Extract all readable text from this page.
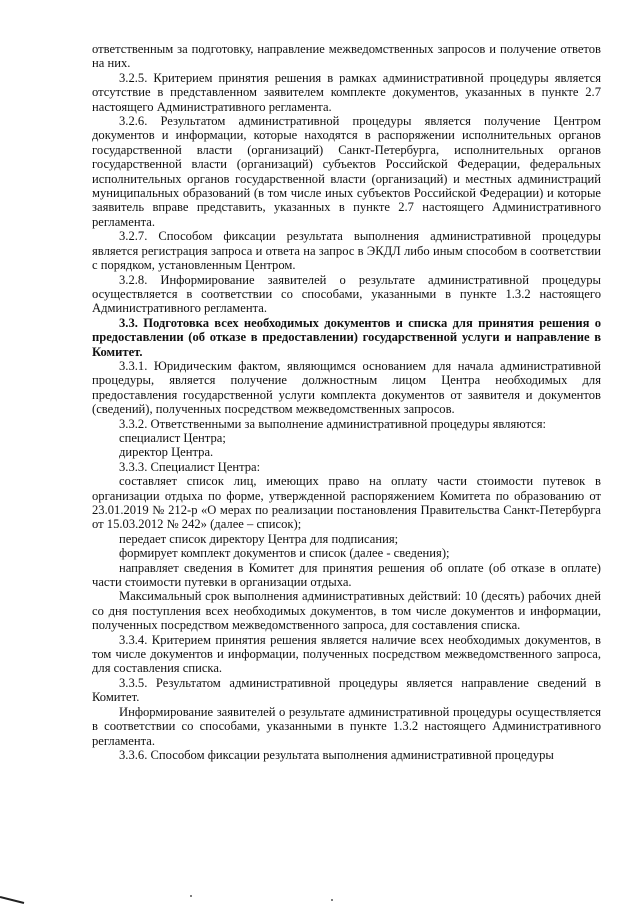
ответственным за подготовку, направление межведомственных запросов и получение ответов на них.

3.2.5. Критерием принятия решения в рамках административной процедуры является отсутствие в представленном заявителем комплекте документов, указанных в пункте 2.7 настоящего Административного регламента.

3.2.6. Результатом административной процедуры является получение Центром документов и информации, которые находятся в распоряжении исполнительных органов государственной власти (организаций) Санкт-Петербурга, исполнительных органов государственной власти (организаций) субъектов Российской Федерации, федеральных исполнительных органов государственной власти (организаций) и местных администраций муниципальных образований (в том числе иных субъектов Российской Федерации) и которые заявитель вправе представить, указанных в пункте 2.7 настоящего Административного регламента.

3.2.7. Способом фиксации результата выполнения административной процедуры является регистрация запроса и ответа на запрос в ЭКДЛ либо иным способом в соответствии с порядком, установленным Центром.

3.2.8. Информирование заявителей о результате административной процедуры осуществляется в соответствии со способами, указанными в пункте 1.3.2 настоящего Административного регламента.

3.3. Подготовка всех необходимых документов и списка для принятия решения о предоставлении (об отказе в предоставлении) государственной услуги и направление в Комитет.

3.3.1. Юридическим фактом, являющимся основанием для начала административной процедуры, является получение должностным лицом Центра необходимых для предоставления государственной услуги комплекта документов от заявителя и документов (сведений), полученных посредством межведомственных запросов.

3.3.2. Ответственными за выполнение административной процедуры являются:

специалист Центра;

директор Центра.

3.3.3. Специалист Центра:

составляет список лиц, имеющих право на оплату части стоимости путевок в организации отдыха по форме, утвержденной распоряжением Комитета по образованию от 23.01.2019 № 212-р «О мерах по реализации постановления Правительства Санкт-Петербурга от 15.03.2012 № 242» (далее – список);

передает список директору Центра для подписания;

формирует комплект документов и список (далее - сведения);

направляет сведения в Комитет для принятия решения об оплате (об отказе в оплате) части стоимости путевки в организации отдыха.

Максимальный срок выполнения административных действий: 10 (десять) рабочих дней со дня поступления всех необходимых документов, в том числе документов и информации, полученных посредством межведомственного запроса, для составления списка.

3.3.4. Критерием принятия решения является наличие всех необходимых документов, в том числе документов и информации, полученных посредством межведомственного запроса, для составления списка.

3.3.5. Результатом административной процедуры является направление сведений в Комитет.

Информирование заявителей о результате административной процедуры осуществляется в соответствии со способами, указанными в пункте 1.3.2 настоящего Административного регламента.

3.3.6. Способом фиксации результата выполнения административной процедуры
